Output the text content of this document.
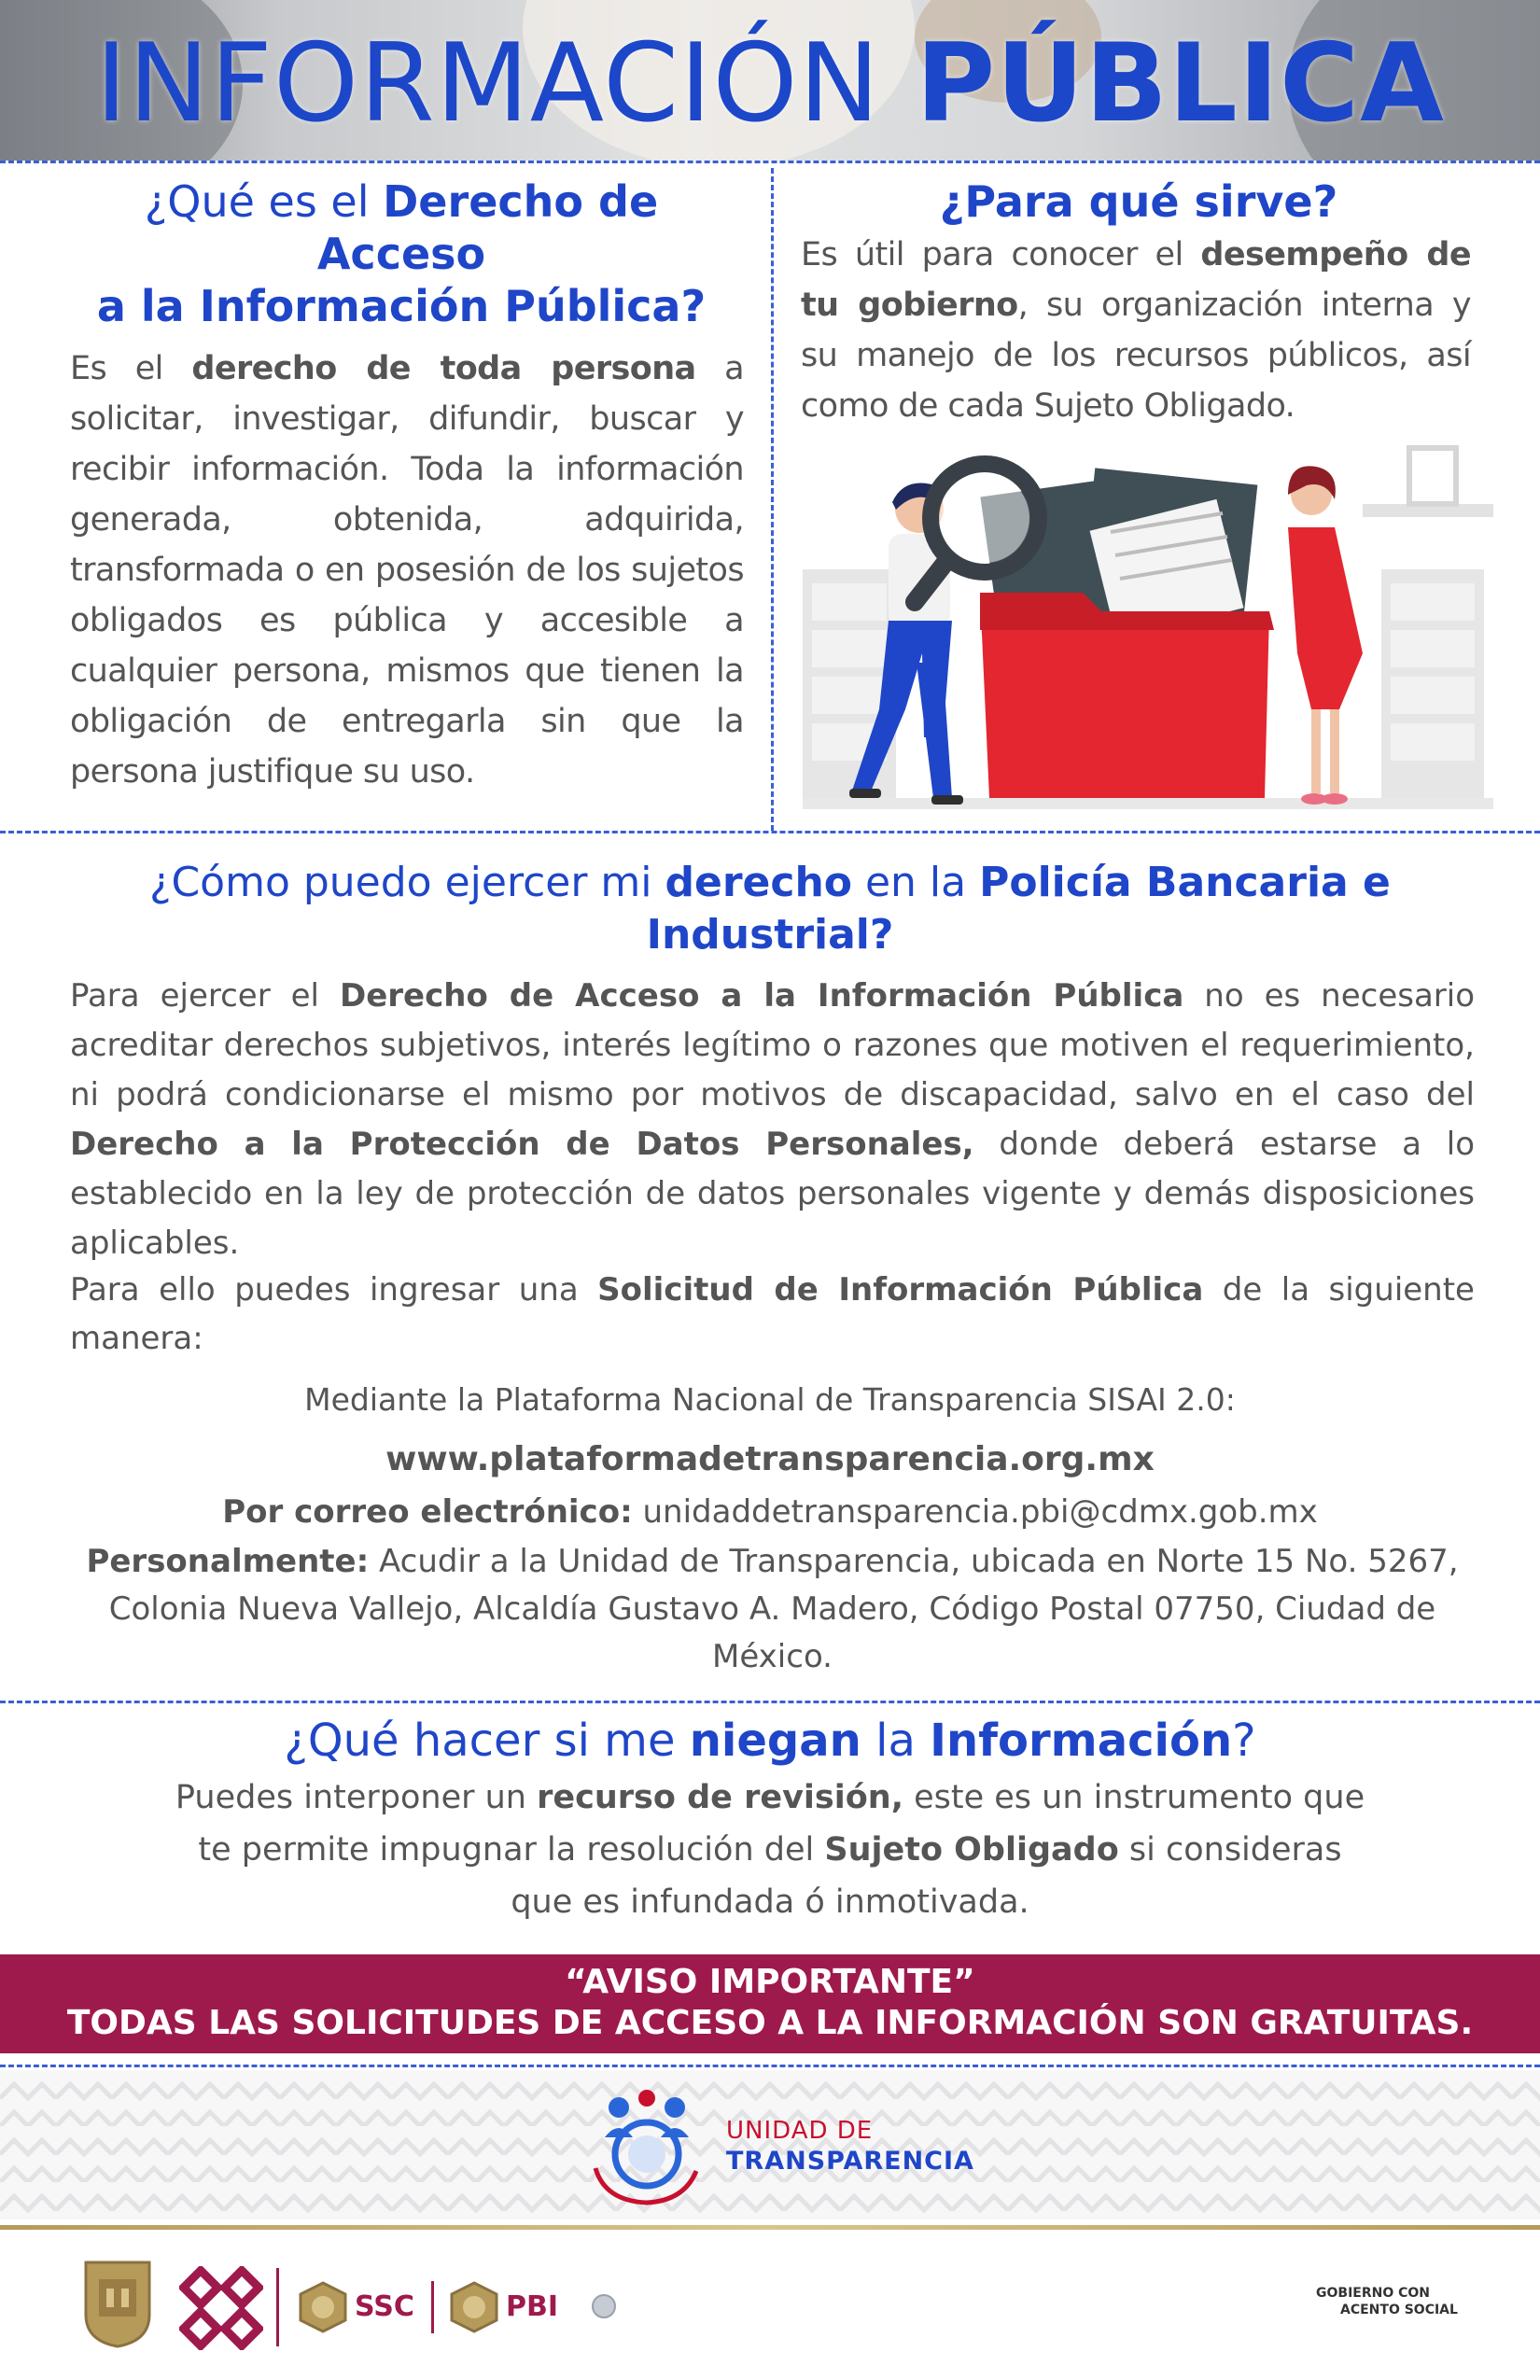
INFORMACIÓN PÚBLICA
¿Qué es el Derecho de Acceso
a la Información Pública?
Es el derecho de toda persona a solicitar, investigar, difundir, buscar y recibir información. Toda la información generada, obtenida, adquirida, transformada o en posesión de los sujetos obligados es pública y accesible a cualquier persona, mismos que tienen la obligación de entregarla sin que la persona justifique su uso.
¿Para qué sirve?
Es útil para conocer el desempeño de tu gobierno, su organización interna y su manejo de los recursos públicos, así como de cada Sujeto Obligado.
¿Cómo puedo ejercer mi derecho en la Policía Bancaria e Industrial?
Para ejercer el Derecho de Acceso a la Información Pública no es necesario acreditar derechos subjetivos, interés legítimo o razones que motiven el requerimiento, ni podrá condicionarse el mismo por motivos de discapacidad, salvo en el caso del Derecho a la Protección de Datos Personales, donde deberá estarse a lo establecido en la ley de protección de datos personales vigente y demás disposiciones aplicables.
Para ello puedes ingresar una Solicitud de Información Pública de la siguiente manera:
Mediante la Plataforma Nacional de Transparencia SISAI 2.0:
www.plataformadetransparencia.org.mx
Por correo electrónico: unidaddetransparencia.pbi@cdmx.gob.mx
Personalmente: Acudir a la Unidad de Transparencia, ubicada en Norte 15 No. 5267, Colonia Nueva Vallejo, Alcaldía Gustavo A. Madero, Código Postal 07750, Ciudad de México.
¿Qué hacer si me niegan la Información?
Puedes interponer un recurso de revisión, este es un instrumento que te permite impugnar la resolución del Sujeto Obligado si consideras que es infundada ó inmotivada.
“AVISO IMPORTANTE”
TODAS LAS SOLICITUDES DE ACCESO A LA INFORMACIÓN SON GRATUITAS.
UNIDAD DE
TRANSPARENCIA
SSC	PBI	GOBIERNO CON
ACENTO SOCIAL
